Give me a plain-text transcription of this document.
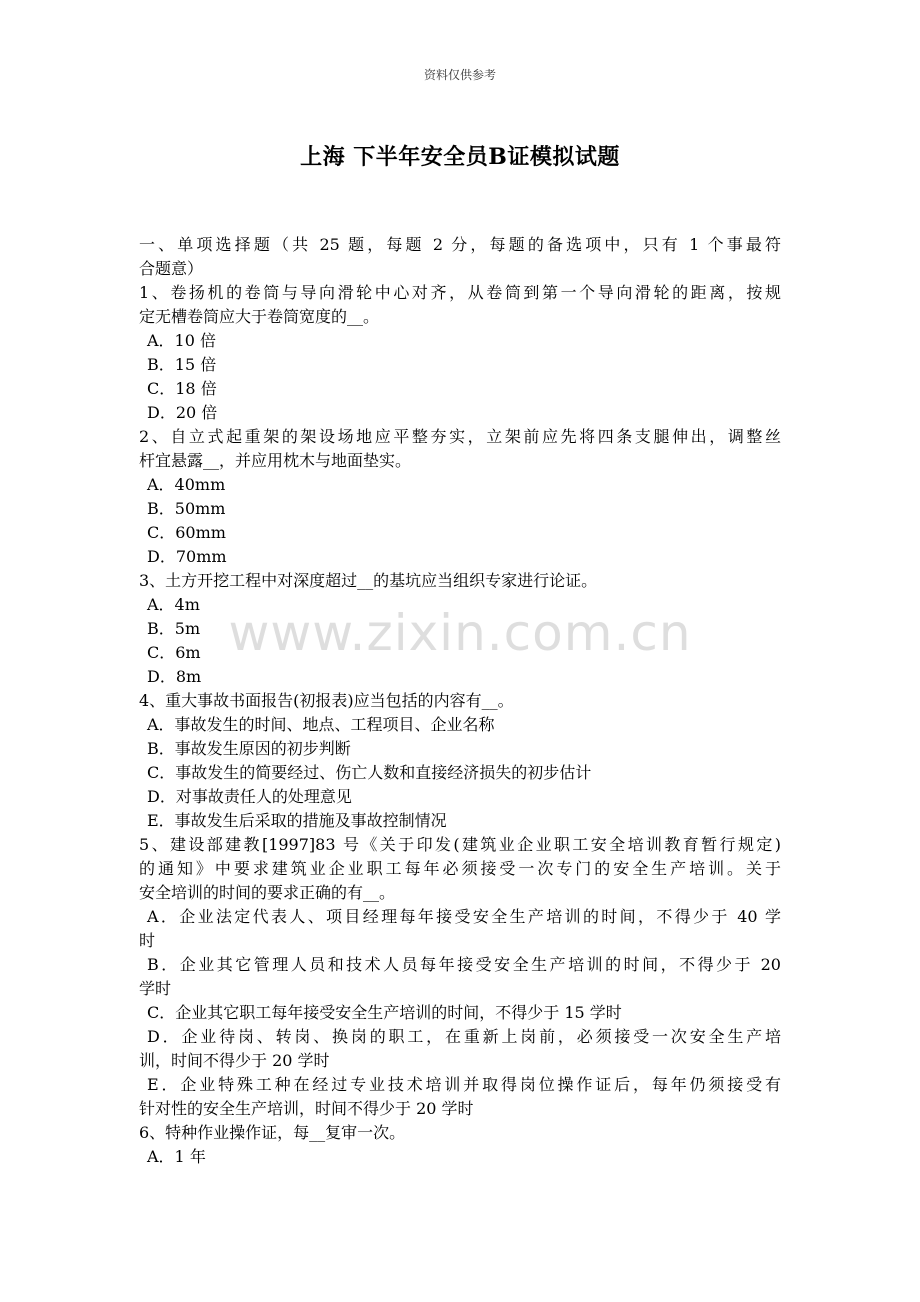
资料仅供参考
上海 下半年安全员B证模拟试题
www.zixin.com.cn
一、单项选择题（共 25 题，每题 2 分，每题的备选项中，只有 1 个事最符
合题意）
1、卷扬机的卷筒与导向滑轮中心对齐，从卷筒到第一个导向滑轮的距离，按规
定无槽卷筒应大于卷筒宽度的__。
A．10 倍
B．15 倍
C．18 倍
D．20 倍
2、自立式起重架的架设场地应平整夯实，立架前应先将四条支腿伸出，调整丝
杆宜悬露__，并应用枕木与地面垫实。
A．40mm
B．50mm
C．60mm
D．70mm
3、土方开挖工程中对深度超过__的基坑应当组织专家进行论证。
A．4m
B．5m
C．6m
D．8m
4、重大事故书面报告(初报表)应当包括的内容有__。
A．事故发生的时间、地点、工程项目、企业名称
B．事故发生原因的初步判断
C．事故发生的简要经过、伤亡人数和直接经济损失的初步估计
D．对事故责任人的处理意见
E．事故发生后采取的措施及事故控制情况
5、建设部建教[1997]83 号《关于印发(建筑业企业职工安全培训教育暂行规定)
的通知》中要求建筑业企业职工每年必须接受一次专门的安全生产培训。关于
安全培训的时间的要求正确的有__。
A．企业法定代表人、项目经理每年接受安全生产培训的时间，不得少于 40 学
时
B．企业其它管理人员和技术人员每年接受安全生产培训的时间，不得少于 20
学时
C．企业其它职工每年接受安全生产培训的时间，不得少于 15 学时
D．企业待岗、转岗、换岗的职工，在重新上岗前，必须接受一次安全生产培
训，时间不得少于 20 学时
E．企业特殊工种在经过专业技术培训并取得岗位操作证后，每年仍须接受有
针对性的安全生产培训，时间不得少于 20 学时
6、特种作业操作证，每__复审一次。
A．1 年
